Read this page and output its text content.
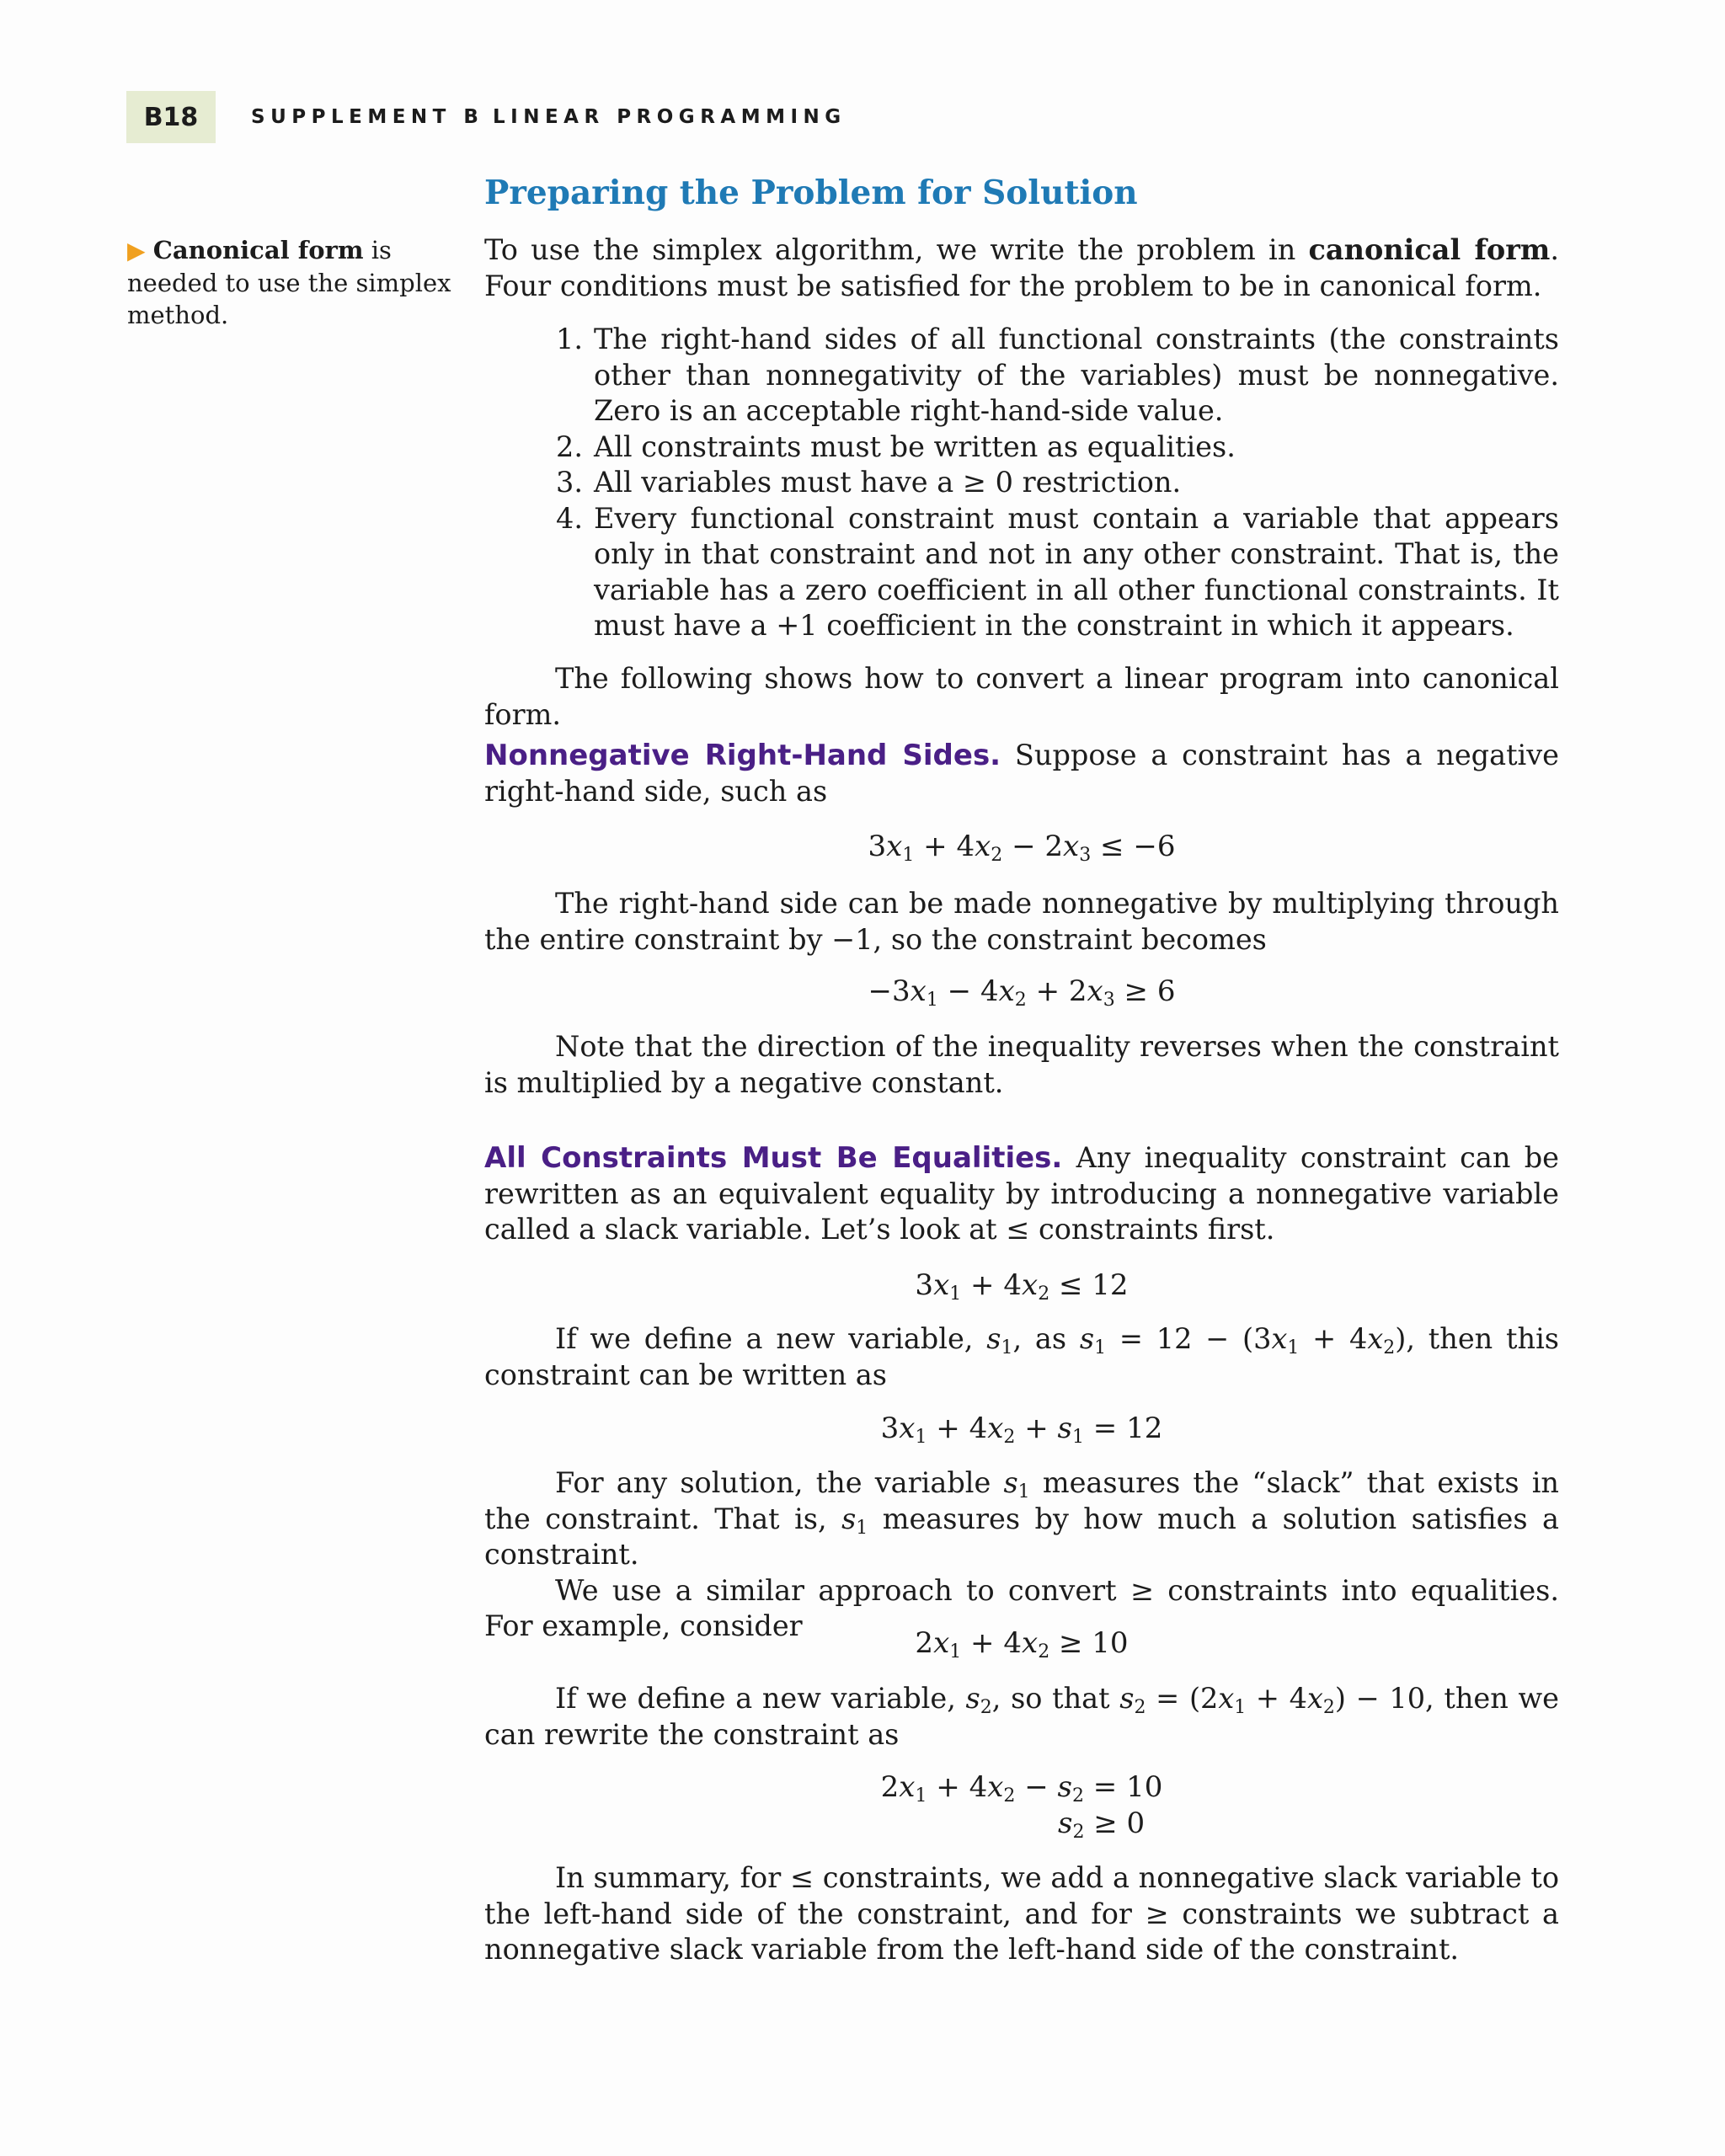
B18	SUPPLEMENT B LINEAR PROGRAMMING
▶ Canonical form is needed to use the simplex method.
Preparing the Problem for Solution

To use the simplex algorithm, we write the problem in canonical form. Four conditions must be satisfied for the problem to be in canonical form.

1. The right-hand sides of all functional constraints (the constraints other than nonnegativity of the variables) must be nonnegative. Zero is an acceptable right-hand-side value.
2. All constraints must be written as equalities.
3. All variables must have a ≥ 0 restriction.
4. Every functional constraint must contain a variable that appears only in that constraint and not in any other constraint. That is, the variable has a zero coefficient in all other functional constraints. It must have a +1 coefficient in the constraint in which it appears.

The following shows how to convert a linear program into canonical form.

Nonnegative Right-Hand Sides. Suppose a constraint has a negative right-hand side, such as

$3x_1 + 4x_2 - 2x_3 \le -6$

The right-hand side can be made nonnegative by multiplying through the entire constraint by −1, so the constraint becomes

$-3x_1 - 4x_2 + 2x_3 \ge 6$

Note that the direction of the inequality reverses when the constraint is multiplied by a negative constant.

All Constraints Must Be Equalities. Any inequality constraint can be rewritten as an equivalent equality by introducing a nonnegative variable called a slack variable. Let’s look at ≤ constraints first.

$3x_1 + 4x_2 \le 12$

If we define a new variable, $s_1$, as $s_1 = 12 - (3x_1 + 4x_2)$, then this constraint can be written as

$3x_1 + 4x_2 + s_1 = 12$

For any solution, the variable $s_1$ measures the “slack” that exists in the constraint. That is, $s_1$ measures by how much a solution satisfies a constraint.

We use a similar approach to convert ≥ constraints into equalities. For example, consider

$2x_1 + 4x_2 \ge 10$

If we define a new variable, $s_2$, so that $s_2 = (2x_1 + 4x_2) - 10$, then we can rewrite the constraint as

$2x_1 + 4x_2 - s_2 = 10$
$s_2 \ge 0$

In summary, for ≤ constraints, we add a nonnegative slack variable to the left-hand side of the constraint, and for ≥ constraints we subtract a nonnegative slack variable from the left-hand side of the constraint.
